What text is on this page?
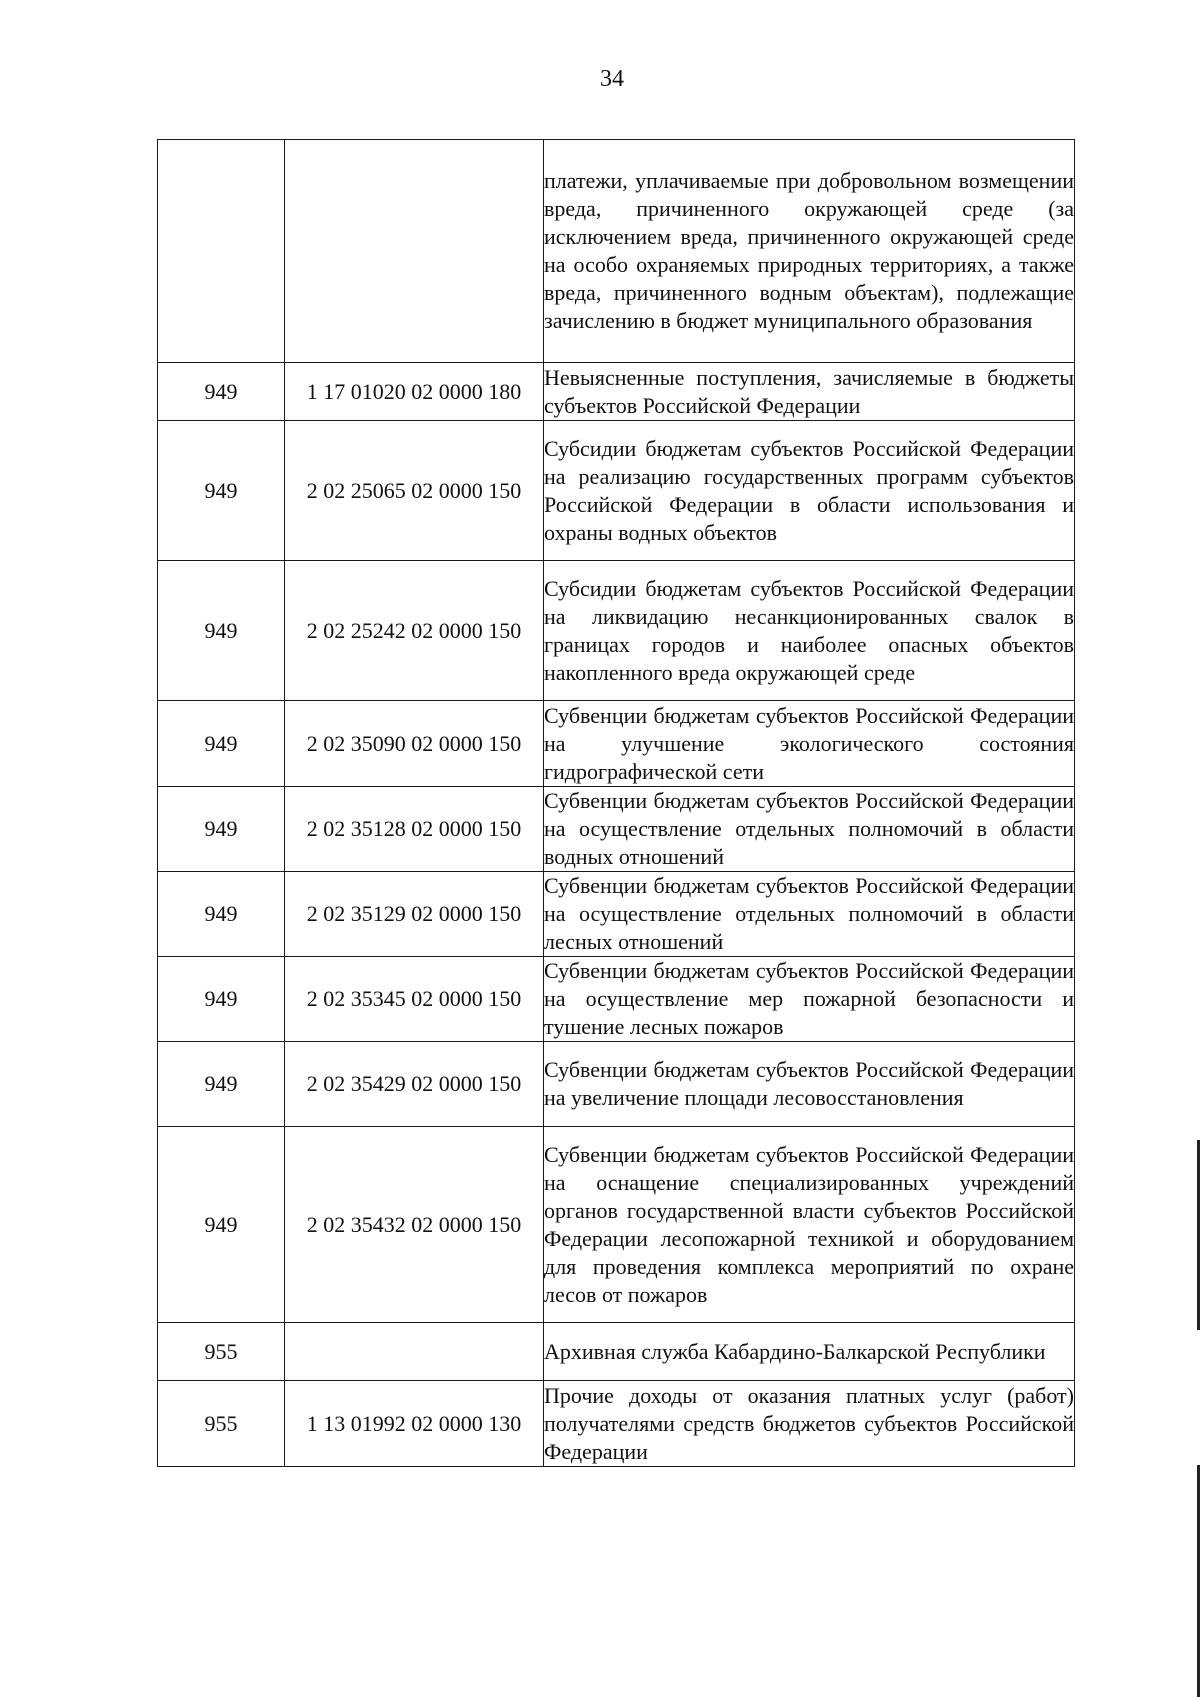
34
		платежи, уплачиваемые при добровольном возмещении вреда, причиненного окружающей среде (за исключением вреда, причиненного окружающей среде на особо охраняемых природных территориях, а также вреда, причиненного водным объектам), подлежащие зачислению в бюджет муниципального образования
949	1 17 01020 02 0000 180	Невыясненные поступления, зачисляемые в бюджеты субъектов Российской Федерации
949	2 02 25065 02 0000 150	Субсидии бюджетам субъектов Российской Федерации на реализацию государственных программ субъектов Российской Федерации в области использования и охраны водных объектов
949	2 02 25242 02 0000 150	Субсидии бюджетам субъектов Российской Федерации на ликвидацию несанкционированных свалок в границах городов и наиболее опасных объектов накопленного вреда окружающей среде
949	2 02 35090 02 0000 150	Субвенции бюджетам субъектов Российской Федерации на улучшение экологического состояния гидрографической сети
949	2 02 35128 02 0000 150	Субвенции бюджетам субъектов Российской Федерации на осуществление отдельных полномочий в области водных отношений
949	2 02 35129 02 0000 150	Субвенции бюджетам субъектов Российской Федерации на осуществление отдельных полномочий в области лесных отношений
949	2 02 35345 02 0000 150	Субвенции бюджетам субъектов Российской Федерации на осуществление мер пожарной безопасности и тушение лесных пожаров
949	2 02 35429 02 0000 150	Субвенции бюджетам субъектов Российской Федерации на увеличение площади лесовосстановления
949	2 02 35432 02 0000 150	Субвенции бюджетам субъектов Российской Федерации на оснащение специализированных учреждений органов государственной власти субъектов Российской Федерации лесопожарной техникой и оборудованием для проведения комплекса мероприятий по охране лесов от пожаров
955		Архивная служба Кабардино-Балкарской Республики
955	1 13 01992 02 0000 130	Прочие доходы от оказания платных услуг (работ) получателями средств бюджетов субъектов Российской Федерации
